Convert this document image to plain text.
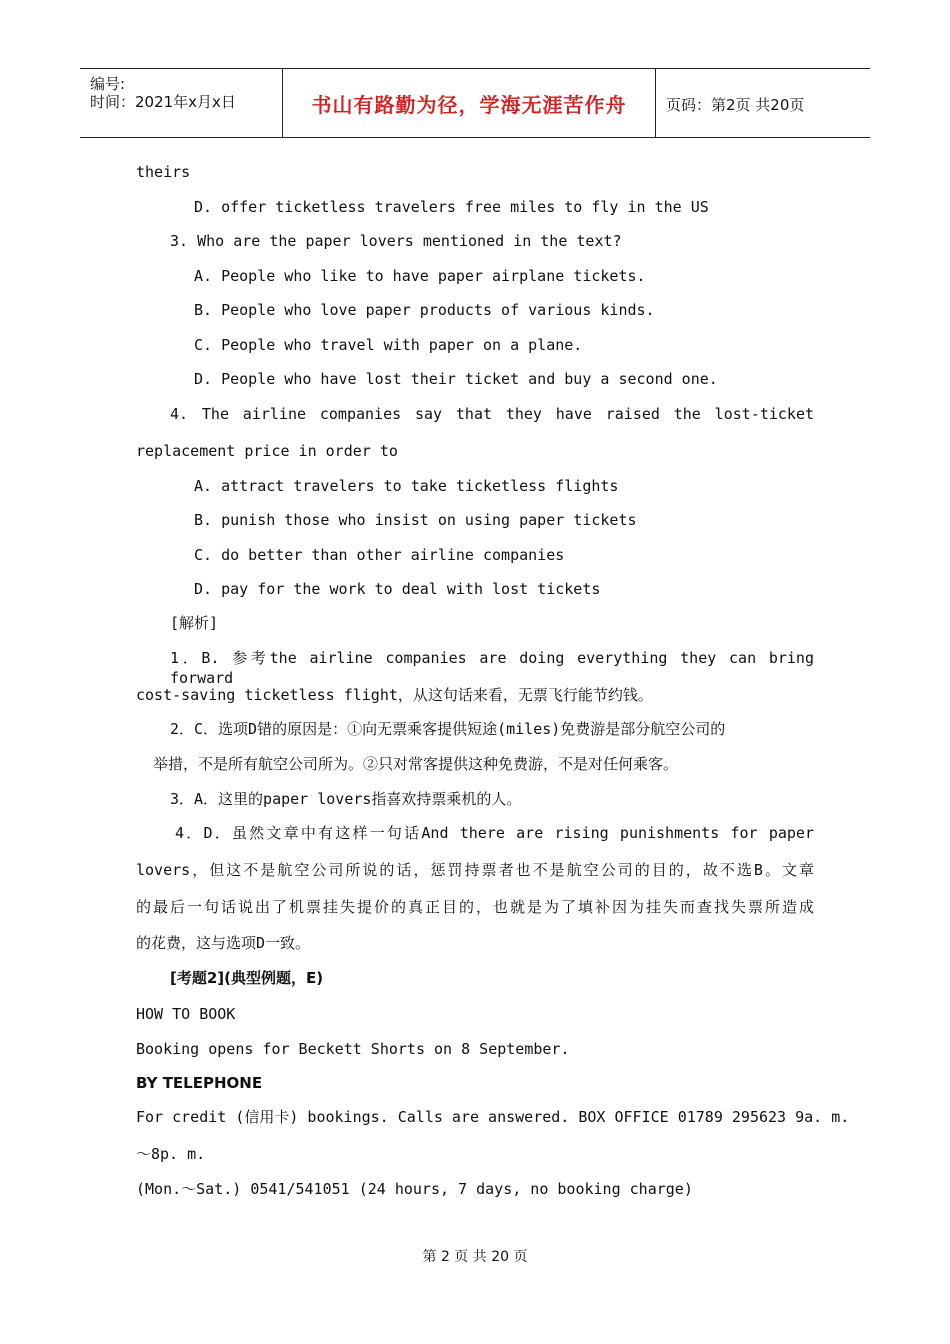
编号:
时间：2021年x月x日	书山有路勤为径，学海无涯苦作舟	页码：第2页 共20页
theirs
D. offer ticketless travelers free miles to fly in the US
3. Who are the paper lovers mentioned in the text?
A. People who like to have paper airplane tickets.
B. People who love paper products of various kinds.
C. People who travel with paper on a plane.
D. People who have lost their ticket and buy a second one.
4. The airline companies say that they have raised the lost-ticket
replacement price in order to
A. attract travelers to take ticketless flights
B. punish those who insist on using paper tickets
C. do better than other airline companies
D. pay for the work to deal with lost tickets
[解析]
1．B. 参考the airline companies are doing everything they can bring forward
cost-saving ticketless flight，从这句话来看，无票飞行能节约钱。
2．C．选项D错的原因是：①向无票乘客提供短途(miles)免费游是部分航空公司的
举措，不是所有航空公司所为。②只对常客提供这种免费游，不是对任何乘客。
3．A．这里的paper lovers指喜欢持票乘机的人。
4．D．虽然文章中有这样一句话And there are rising punishments for paper
lovers，但这不是航空公司所说的话，惩罚持票者也不是航空公司的目的，故不选B。文章
的最后一句话说出了机票挂失提价的真正目的，也就是为了填补因为挂失而查找失票所造成
的花费，这与选项D一致。
[考题2](典型例题，E)
HOW TO BOOK
Booking opens for Beckett Shorts on 8 September.
BY TELEPHONE
For credit (信用卡) bookings. Calls are answered. BOX OFFICE 01789 295623 9a. m.
～8p. m.
(Mon.～Sat.) 0541/541051 (24 hours, 7 days, no booking charge)
第 2 页 共 20 页
